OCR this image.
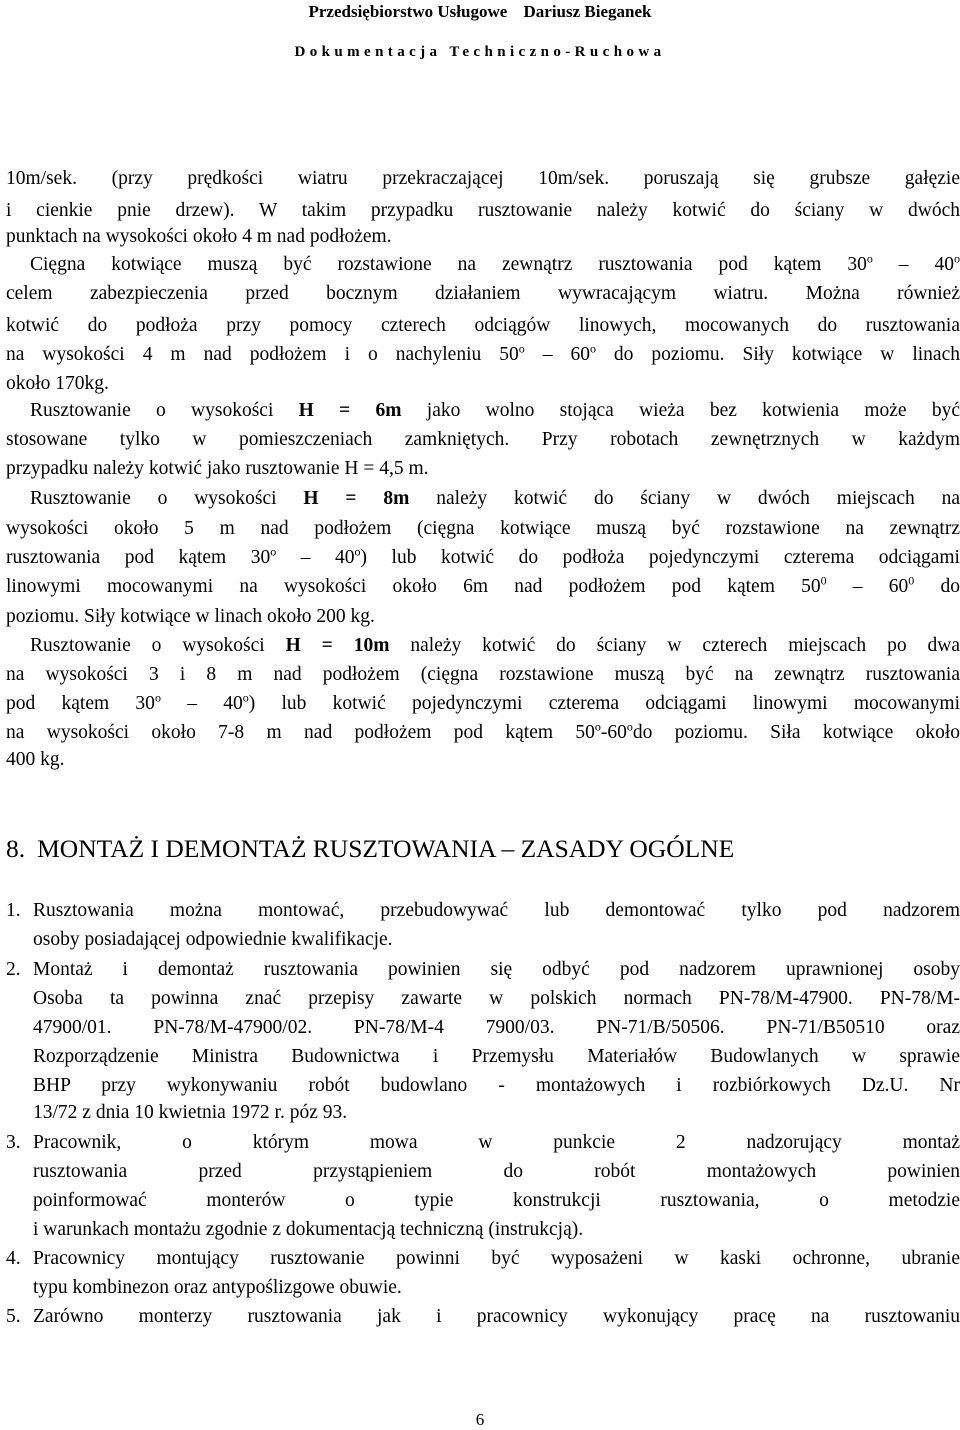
Przedsiębiorstwo Usługowe Dariusz Bieganek
Dokumentacja Techniczno-Ruchowa
10m/sek. (przy prędkości wiatru przekraczającej 10m/sek. poruszają się grubsze gałęzie
i cienkie pnie drzew). W takim przypadku rusztowanie należy kotwić do ściany w dwóch
punktach na wysokości około 4 m nad podłożem.
Cięgna kotwiące muszą być rozstawione na zewnątrz rusztowania pod kątem 30$^o$ – 40$^o$
celem zabezpieczenia przed bocznym działaniem wywracającym wiatru. Można również
kotwić do podłoża przy pomocy czterech odciągów linowych, mocowanych do rusztowania
na wysokości 4 m nad podłożem i o nachyleniu 50$^o$ – 60$^o$ do poziomu. Siły kotwiące w linach
około 170kg.
Rusztowanie o wysokości H = 6m jako wolno stojąca wieża bez kotwienia może być
stosowane tylko w pomieszczeniach zamkniętych. Przy robotach zewnętrznych w każdym
przypadku należy kotwić jako rusztowanie H = 4,5 m.
Rusztowanie o wysokości H = 8m należy kotwić do ściany w dwóch miejscach na
wysokości około 5 m nad podłożem (cięgna kotwiące muszą być rozstawione na zewnątrz
rusztowania pod kątem 30$^o$ – 40$^o$) lub kotwić do podłoża pojedynczymi czterema odciągami
linowymi mocowanymi na wysokości około 6m nad podłożem pod kątem $50^0 - 60^0$ do
poziomu. Siły kotwiące w linach około 200 kg.
Rusztowanie o wysokości H = 10m należy kotwić do ściany w czterech miejscach po dwa
na wysokości 3 i 8 m nad podłożem (cięgna rozstawione muszą być na zewnątrz rusztowania
pod kątem 30$^o$ – 40$^o$) lub kotwić pojedynczymi czterema odciągami linowymi mocowanymi
na wysokości około 7-8 m nad podłożem pod kątem 50$^o$-60$^o$do poziomu. Siła kotwiące około
400 kg.
1. Rusztowania można montować, przebudowywać lub demontować tylko pod nadzorem
osoby posiadającej odpowiednie kwalifikacje.
2. Montaż i demontaż rusztowania powinien się odbyć pod nadzorem uprawnionej osoby
Osoba ta powinna znać przepisy zawarte w polskich normach PN-78/M-47900. PN-78/M-
47900/01. PN-78/M-47900/02. PN-78/M-4 7900/03. PN-71/B/50506. PN-71/B50510 oraz
Rozporządzenie Ministra Budownictwa i Przemysłu Materiałów Budowlanych w sprawie
BHP przy wykonywaniu robót budowlano - montażowych i rozbiórkowych Dz.U. Nr
13/72 z dnia 10 kwietnia 1972 r. póz 93.
3. Pracownik, o którym mowa w punkcie 2 nadzorujący montaż
rusztowania przed przystąpieniem do robót montażowych powinien
poinformować monterów o typie konstrukcji rusztowania, o metodzie
i warunkach montażu zgodnie z dokumentacją techniczną (instrukcją).
4. Pracownicy montujący rusztowanie powinni być wyposażeni w kaski ochronne, ubranie
typu kombinezon oraz antypoślizgowe obuwie.
5. Zarówno monterzy rusztowania jak i pracownicy wykonujący pracę na rusztowaniu
8. MONTAŻ I DEMONTAŻ RUSZTOWANIA – ZASADY OGÓLNE
6
